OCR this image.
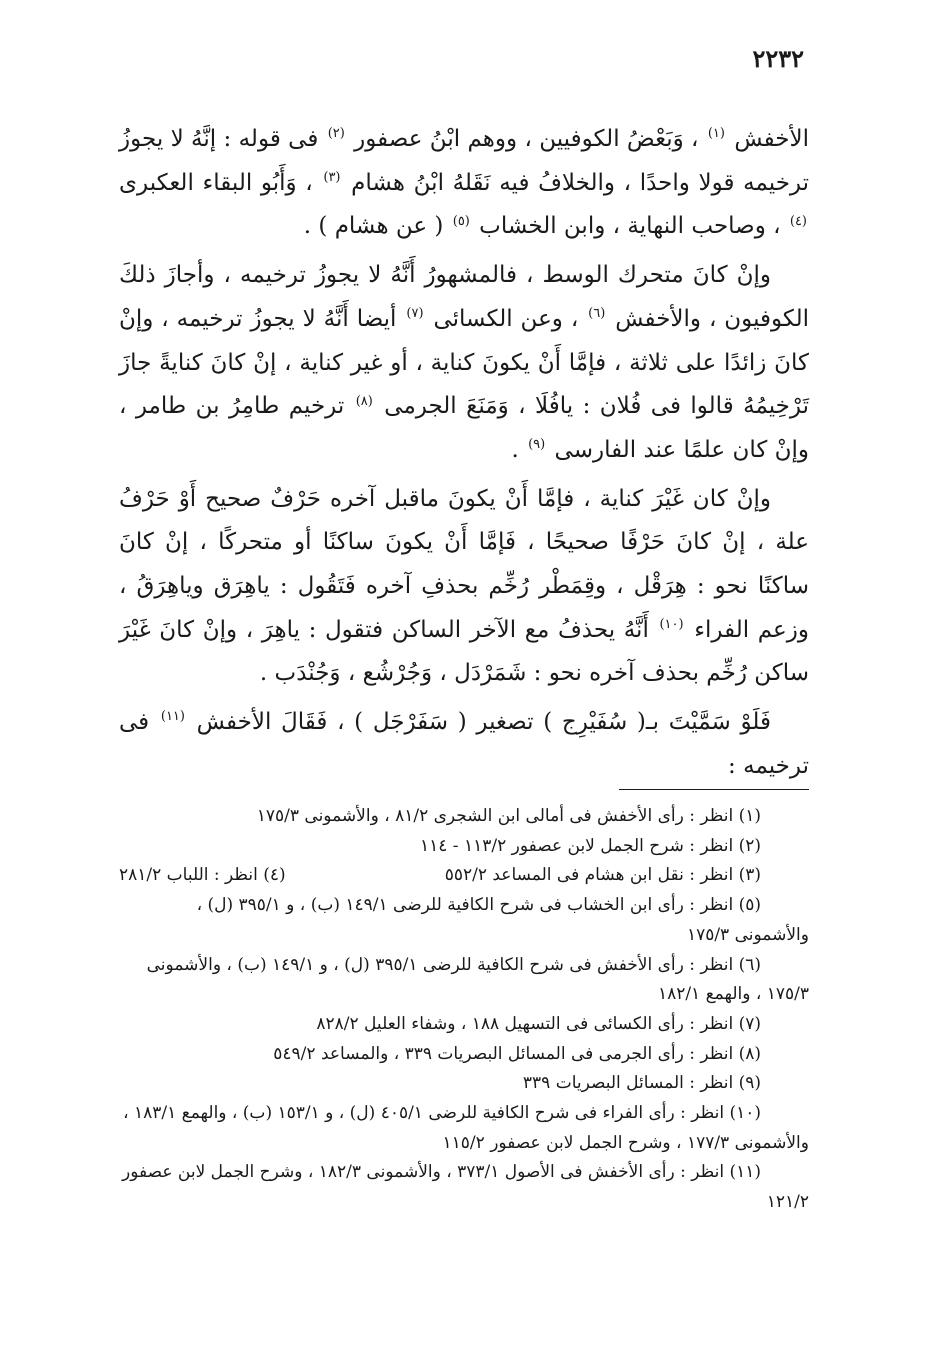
٢٢٣٢

الأخفش $^{(١)}$ ، وَبَعْضُ الكوفيين ، ووهم ابْنُ عصفور $^{(٢)}$ فى قوله : إنَّهُ لا يجوزُ ترخيمه قولا واحدًا ، والخلافُ فيه نَقَلهُ ابْنُ هشام $^{(٣)}$ ، وَأَبُو البقاء العكبرى $^{(٤)}$ ، وصاحب النهاية ، وابن الخشاب $^{(٥)}$ ( عن هشام ) .

وإنْ كانَ متحرك الوسط ، فالمشهورُ أَنَّهُ لا يجوزُ ترخيمه ، وأجازَ ذلكَ الكوفيون ، والأخفش $^{(٦)}$ ، وعن الكسائى $^{(٧)}$ أيضا أَنَّهُ لا يجوزُ ترخيمه ، وإنْ كانَ زائدًا على ثلاثة ، فإمَّا أَنْ يكونَ كناية ، أو غير كناية ، إنْ كانَ كنايةً جازَ تَرْخِيمُهُ قالوا فى فُلان : يافُلَا ، وَمَنَعَ الجرمى $^{(٨)}$ ترخيم طامِرُ بن طامر ، وإنْ كان علمًا عند الفارسى $^{(٩)}$ .

وإنْ كان غَيْرَ كناية ، فإمَّا أَنْ يكونَ ماقبل آخره حَرْفٌ صحيح أَوْ حَرْفُ علة ، إنْ كانَ حَرْفًا صحيحًا ، فَإمَّا أَنْ يكونَ ساكنًا أو متحركًا ، إنْ كانَ ساكنًا نحو : هِرَقْل ، وقِمَطْر رُخِّم بحذفِ آخره فَتَقُول : ياهِرَق وياهِرَقُ ، وزعم الفراء $^{(١٠)}$ أَنَّهُ يحذفُ مع الآخر الساكن فتقول : ياهِرَ ، وإنْ كانَ غَيْرَ ساكن رُخِّم بحذف آخره نحو : شَمَرْدَل ، وَجُرْشُع ، وَجُنْدَب .

فَلَوْ سَمَّيْتَ بـ( سُفَيْرِج ) تصغير ( سَفَرْجَل ) ، فَقَالَ الأخفش $^{(١١)}$ فى ترخيمه :

(١) انظر : رأى الأخفش فى أمالى ابن الشجرى ٨١/٢ ، والأشمونى ١٧٥/٣
(٢) انظر : شرح الجمل لابن عصفور ١١٣/٢ - ١١٤
(٣) انظر : نقل ابن هشام فى المساعد ٥٥٢/٢
(٤) انظر : اللباب ٢٨١/٢
(٥) انظر : رأى ابن الخشاب فى شرح الكافية للرضى ١٤٩/١ (ب) ، و ٣٩٥/١ (ل) ،
والأشمونى ١٧٥/٣
(٦) انظر : رأى الأخفش فى شرح الكافية للرضى ٣٩٥/١ (ل) ، و ١٤٩/١ (ب) ، والأشمونى
١٧٥/٣ ، والهمع ١٨٢/١
(٧) انظر : رأى الكسائى فى التسهيل ١٨٨ ، وشفاء العليل ٨٢٨/٢
(٨) انظر : رأى الجرمى فى المسائل البصريات ٣٣٩ ، والمساعد ٥٤٩/٢
(٩) انظر : المسائل البصريات ٣٣٩
(١٠) انظر : رأى الفراء فى شرح الكافية للرضى ٤٠٥/١ (ل) ، و ١٥٣/١ (ب) ، والهمع ١٨٣/١ ،
والأشمونى ١٧٧/٣ ، وشرح الجمل لابن عصفور ١١٥/٢
(١١) انظر : رأى الأخفش فى الأصول ٣٧٣/١ ، والأشمونى ١٨٢/٣ ، وشرح الجمل لابن عصفور
١٢١/٢
